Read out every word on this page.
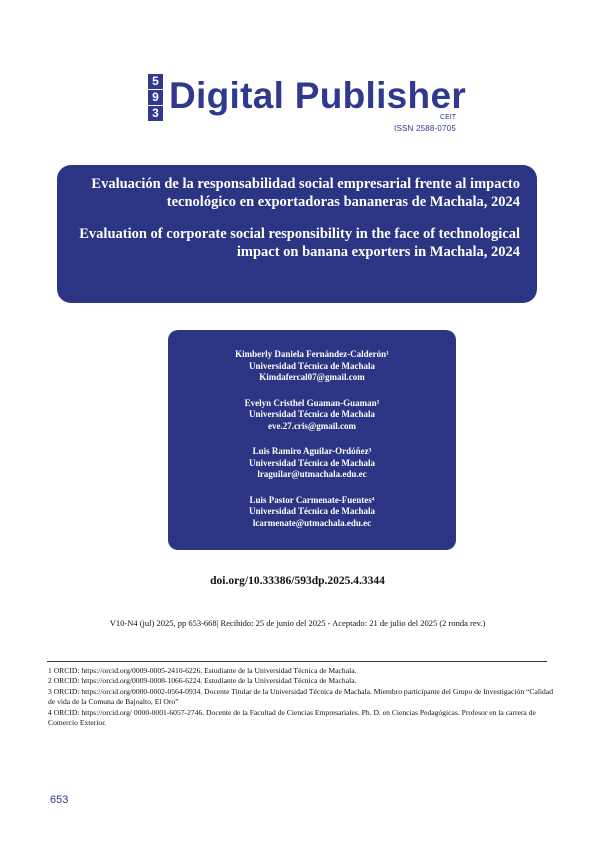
5
9
3 Digital Publisher
CEIT
ISSN 2588-0705

Evaluación de la responsabilidad social empresarial frente al impacto tecnológico en exportadoras bananeras de Machala, 2024

Evaluation of corporate social responsibility in the face of technological impact on banana exporters in Machala, 2024

Kimberly Daniela Fernández-Calderón¹
Universidad Técnica de Machala
Kimdafercal07@gmail.com
Evelyn Cristhel Guaman-Guaman²
Universidad Técnica de Machala
eve.27.cris@gmail.com
Luis Ramiro Aguilar-Ordóñez³
Universidad Técnica de Machala
lraguilar@utmachala.edu.ec
Luis Pastor Carmenate-Fuentes⁴
Universidad Técnica de Machala
lcarmenate@utmachala.edu.ec
doi.org/10.33386/593dp.2025.4.3344
V10-N4 (jul) 2025, pp 653-668| Recibido: 25 de junio del 2025 - Aceptado: 21 de julio del 2025 (2 ronda rev.)
1 ORCID: https://orcid.org/0009-0005-2410-6226. Estudiante de la Universidad Técnica de Machala.
2 ORCID: https://orcid.org/0009-0008-1066-6224. Estudiante de la Universidad Técnica de Machala.
3 ORCID: https://orcid.org/0000-0002-0564-0934. Docente Titular de la Universidad Técnica de Machala. Miembro participante del Grupo de Investigación “Calidad de vida de la Comuna de Bajoalto, El Oro”
4 ORCID: https://orcid.org/ 0000-0001-6057-2746. Docente de la Facultad de Ciencias Empresariales. Ph. D. en Ciencias Pedagógicas. Profesor en la carrera de Comercio Exterior.
653
